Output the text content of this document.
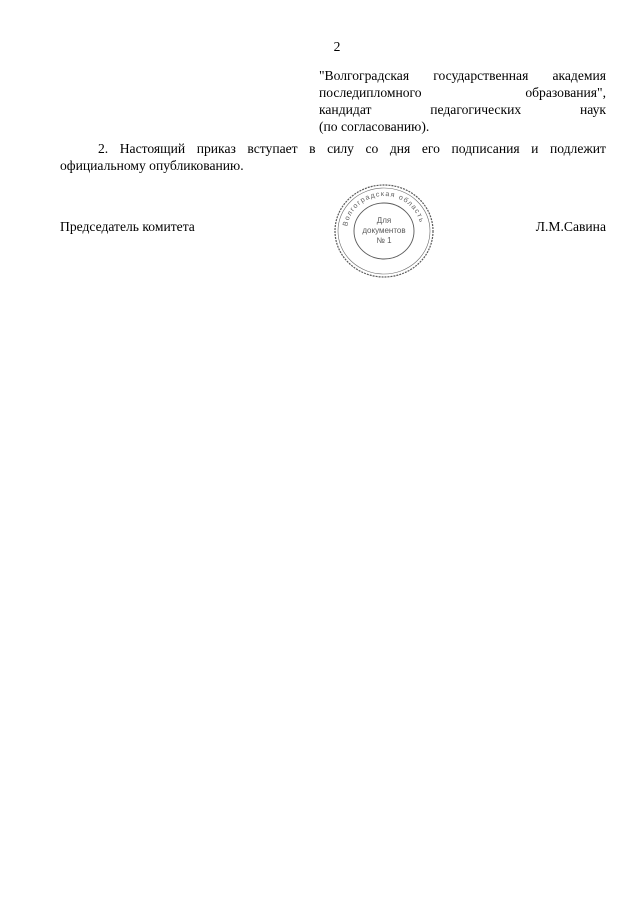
2
"Волгоградская государственная академия
последипломного образования",
кандидат педагогических наук
(по согласованию).
2. Настоящий приказ вступает в силу со дня его подписания и подлежит
официальному опубликованию.
Председатель комитета	Волгоградская область
Для
документов
№ 1
Л.М.Савина
